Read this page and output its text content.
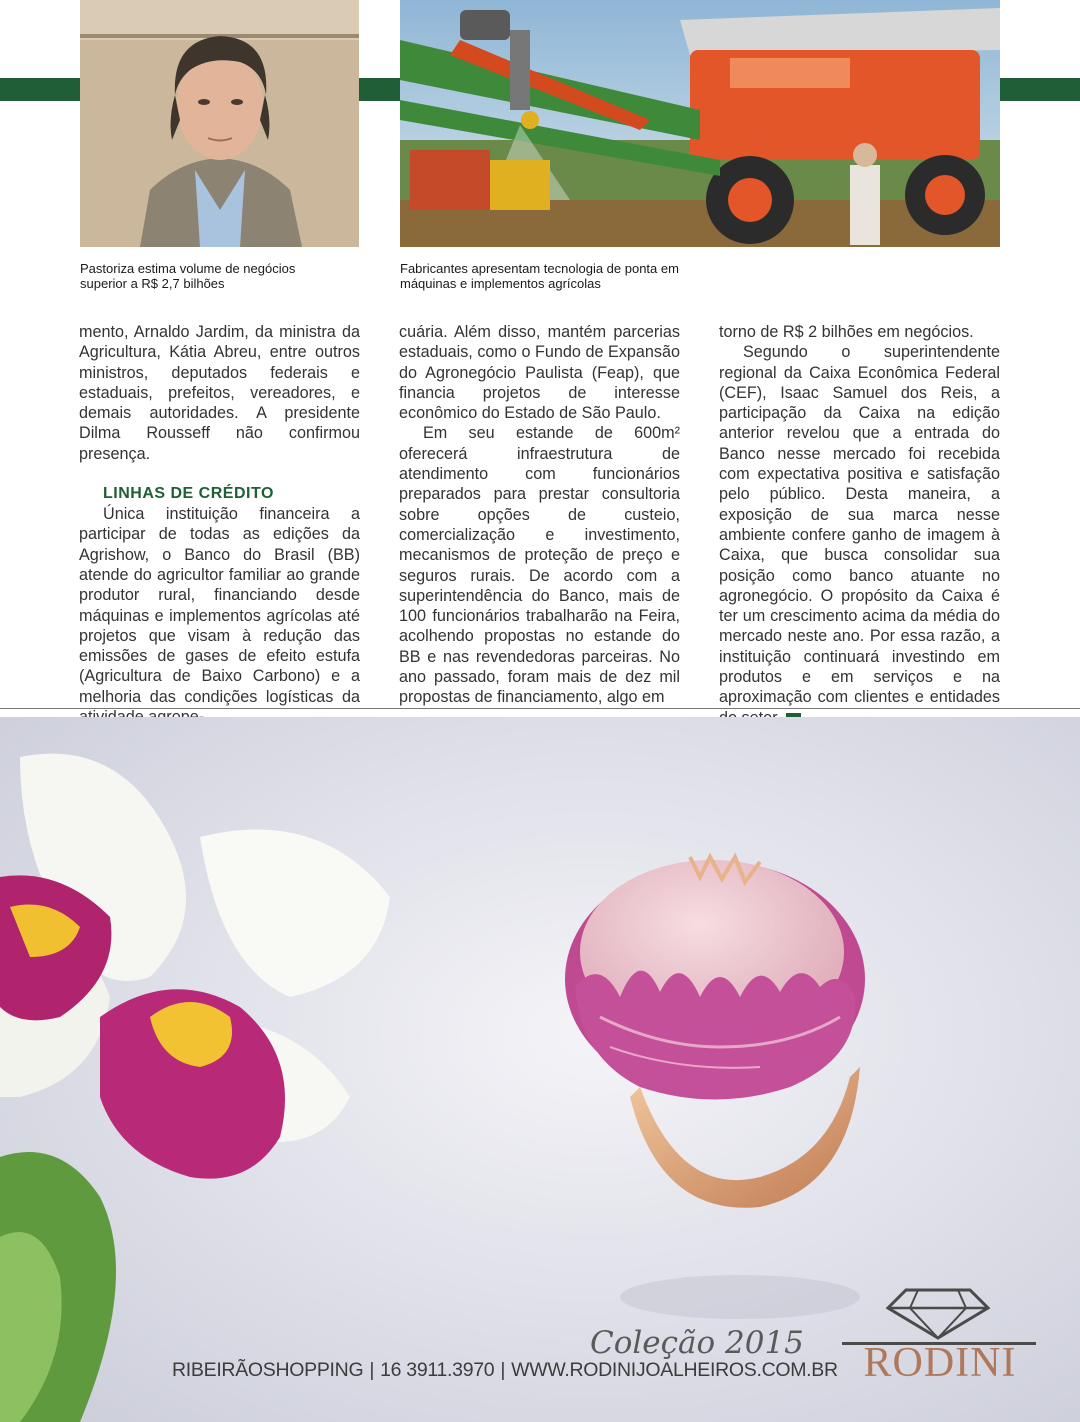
Pastoriza estima volume de negócios superior a R$ 2,7 bilhões
Fabricantes apresentam tecnologia de ponta em máquinas e implementos agrícolas

mento, Arnaldo Jardim, da ministra da Agricultura, Kátia Abreu, entre outros ministros, deputados federais e estaduais, prefeitos, vereadores, e demais autoridades. A presidente Dilma Rousseff não confirmou presença.

LINHAS DE CRÉDITO

Única instituição financeira a participar de todas as edições da Agrishow, o Banco do Brasil (BB) atende do agricultor familiar ao grande produtor rural, financiando desde máquinas e implementos agrícolas até projetos que visam à redução das emissões de gases de efeito estufa (Agricultura de Baixo Carbono) e a melhoria das condições logísticas da

cuária. Além disso, mantém parcerias estaduais, como o Fundo de Expansão do Agronegócio Paulista (Feap), que financia projetos de interesse econômico do Estado de São Paulo.

Em seu estande de 600m² oferecerá infraestrutura de atendimento com funcionários preparados para prestar consultoria sobre opções de custeio, comercialização e investimento, mecanismos de proteção de preço e seguros rurais. De acordo com a superintendência do Banco, mais de 100 funcionários trabalharão na Feira, acolhendo propostas no estande do BB e nas revendedoras parceiras. No ano passado, foram mais de dez mil propostas de financiamento, algo em

torno de R$ 2 bilhões em negócios.

Segundo o superintendente regional da Caixa Econômica Federal (CEF), Isaac Samuel dos Reis, a participação da Caixa na edição anterior revelou que a entrada do Banco nesse mercado foi recebida com expectativa positiva e satisfação pelo público. Desta maneira, a exposição de sua marca nesse ambiente confere ganho de imagem à Caixa, que busca consolidar sua posição como banco atuante no agronegócio. O propósito da Caixa é ter um crescimento acima da média do mercado neste ano. Por essa razão, a instituição continuará investindo em produtos e em serviços e na aproximação com clientes e entidades

Coleção 2015
RIBEIRÃOSHOPPING | 16 3911.3970 | WWW.RODINIJOALHEIROS.COM.BR RODINI
